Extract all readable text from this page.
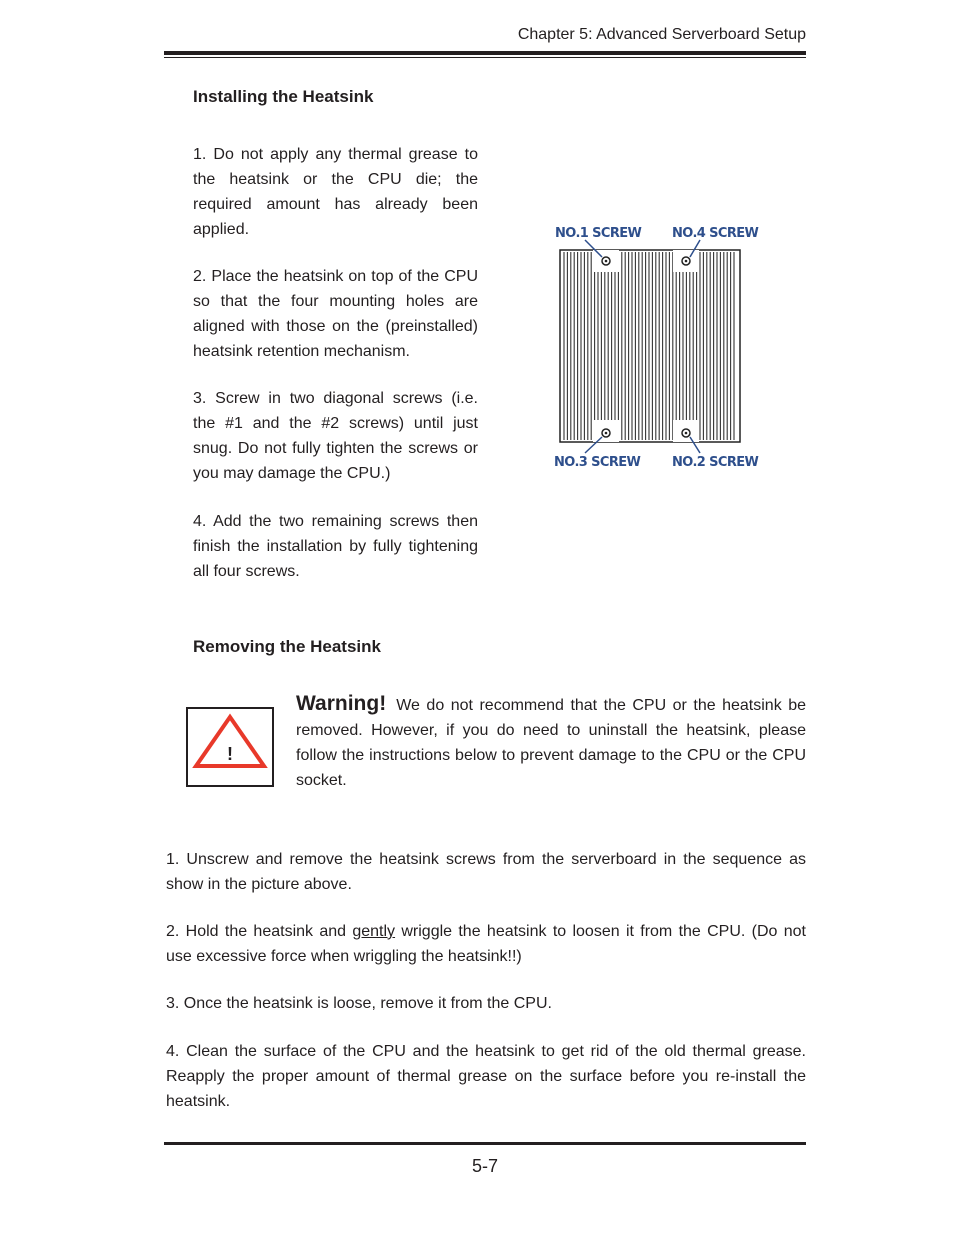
Chapter 5: Advanced Serverboard Setup
Installing the Heatsink
1. Do not apply any thermal grease to the heatsink or the CPU die; the required amount has already been applied.
2. Place the heatsink on top of the CPU so that the four mounting holes are aligned with those on the (preinstalled) heatsink retention mechanism.
3. Screw in two diagonal screws (i.e. the #1 and the #2 screws) until just snug. Do not fully tighten the screws or you may damage the CPU.)
4. Add the two remaining screws then finish the installation by fully tightening all four screws.
NO.1 SCREW NO.4 SCREW
NO.3 SCREW NO.2 SCREW
Removing the Heatsink
!
Warning! We do not recommend that the CPU or the heatsink be removed. However, if you do need to uninstall the heatsink, please follow the instructions below to prevent damage to the CPU or the CPU socket.
1. Unscrew and remove the heatsink screws from the serverboard in the sequence as show in the picture above.
2. Hold the heatsink and gently wriggle the heatsink to loosen it from the CPU. (Do not use excessive force when wriggling the heatsink!!)
3. Once the heatsink is loose, remove it from the CPU.
4. Clean the surface of the CPU and the heatsink to get rid of the old thermal grease. Reapply the proper amount of thermal grease on the surface before you re-install the heatsink.
5-7
